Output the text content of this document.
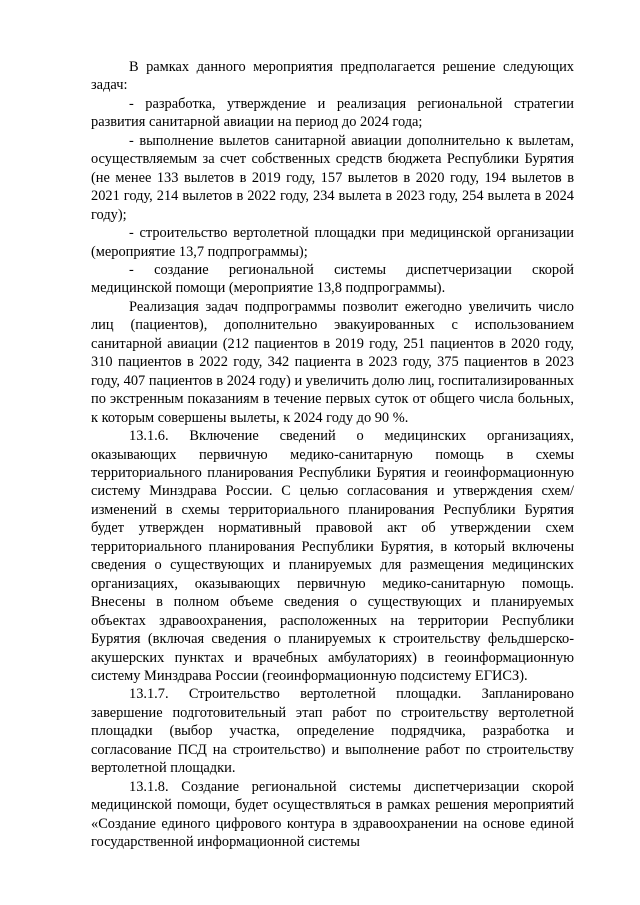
В рамках данного мероприятия предполагается решение следующих задач:

- разработка, утверждение и реализация региональной стратегии развития санитарной авиации на период до 2024 года;

- выполнение вылетов санитарной авиации дополнительно к вылетам, осуществляемым за счет собственных средств бюджета Республики Бурятия (не менее 133 вылетов в 2019 году, 157 вылетов в 2020 году, 194 вылетов в 2021 году, 214 вылетов в 2022 году, 234 вылета в 2023 году, 254 вылета в 2024 году);

- строительство вертолетной площадки при медицинской организации (мероприятие 13,7 подпрограммы);

- создание региональной системы диспетчеризации скорой медицинской помощи (мероприятие 13,8 подпрограммы).

Реализация задач подпрограммы позволит ежегодно увеличить число лиц (пациентов), дополнительно эвакуированных с использованием санитарной авиации (212 пациентов в 2019 году, 251 пациентов в 2020 году, 310 пациентов в 2022 году, 342 пациента в 2023 году, 375 пациентов в 2023 году, 407 пациентов в 2024 году) и увеличить долю лиц, госпитализированных по экстренным показаниям в течение первых суток от общего числа больных, к которым совершены вылеты, к 2024 году до 90 %.

13.1.6. Включение сведений о медицинских организациях, оказывающих первичную медико-санитарную помощь в схемы территориального планирования Республики Бурятия и геоинформационную систему Минздрава России. С целью согласования и утверждения схем/изменений в схемы территориального планирования Республики Бурятия будет утвержден нормативный правовой акт об утверждении схем территориального планирования Республики Бурятия, в который включены сведения о существующих и планируемых для размещения медицинских организациях, оказывающих первичную медико-санитарную помощь. Внесены в полном объеме сведения о существующих и планируемых объектах здравоохранения, расположенных на территории Республики Бурятия (включая сведения о планируемых к строительству фельдшерско-акушерских пунктах и врачебных амбулаториях) в геоинформационную систему Минздрава России (геоинформационную подсистему ЕГИСЗ).

13.1.7. Строительство вертолетной площадки. Запланировано завершение подготовительный этап работ по строительству вертолетной площадки (выбор участка, определение подрядчика, разработка и согласование ПСД на строительство) и выполнение работ по строительству вертолетной площадки.

13.1.8. Создание региональной системы диспетчеризации скорой медицинской помощи, будет осуществляться в рамках решения мероприятий «Создание единого цифрового контура в здравоохранении на основе единой государственной информационной системы
